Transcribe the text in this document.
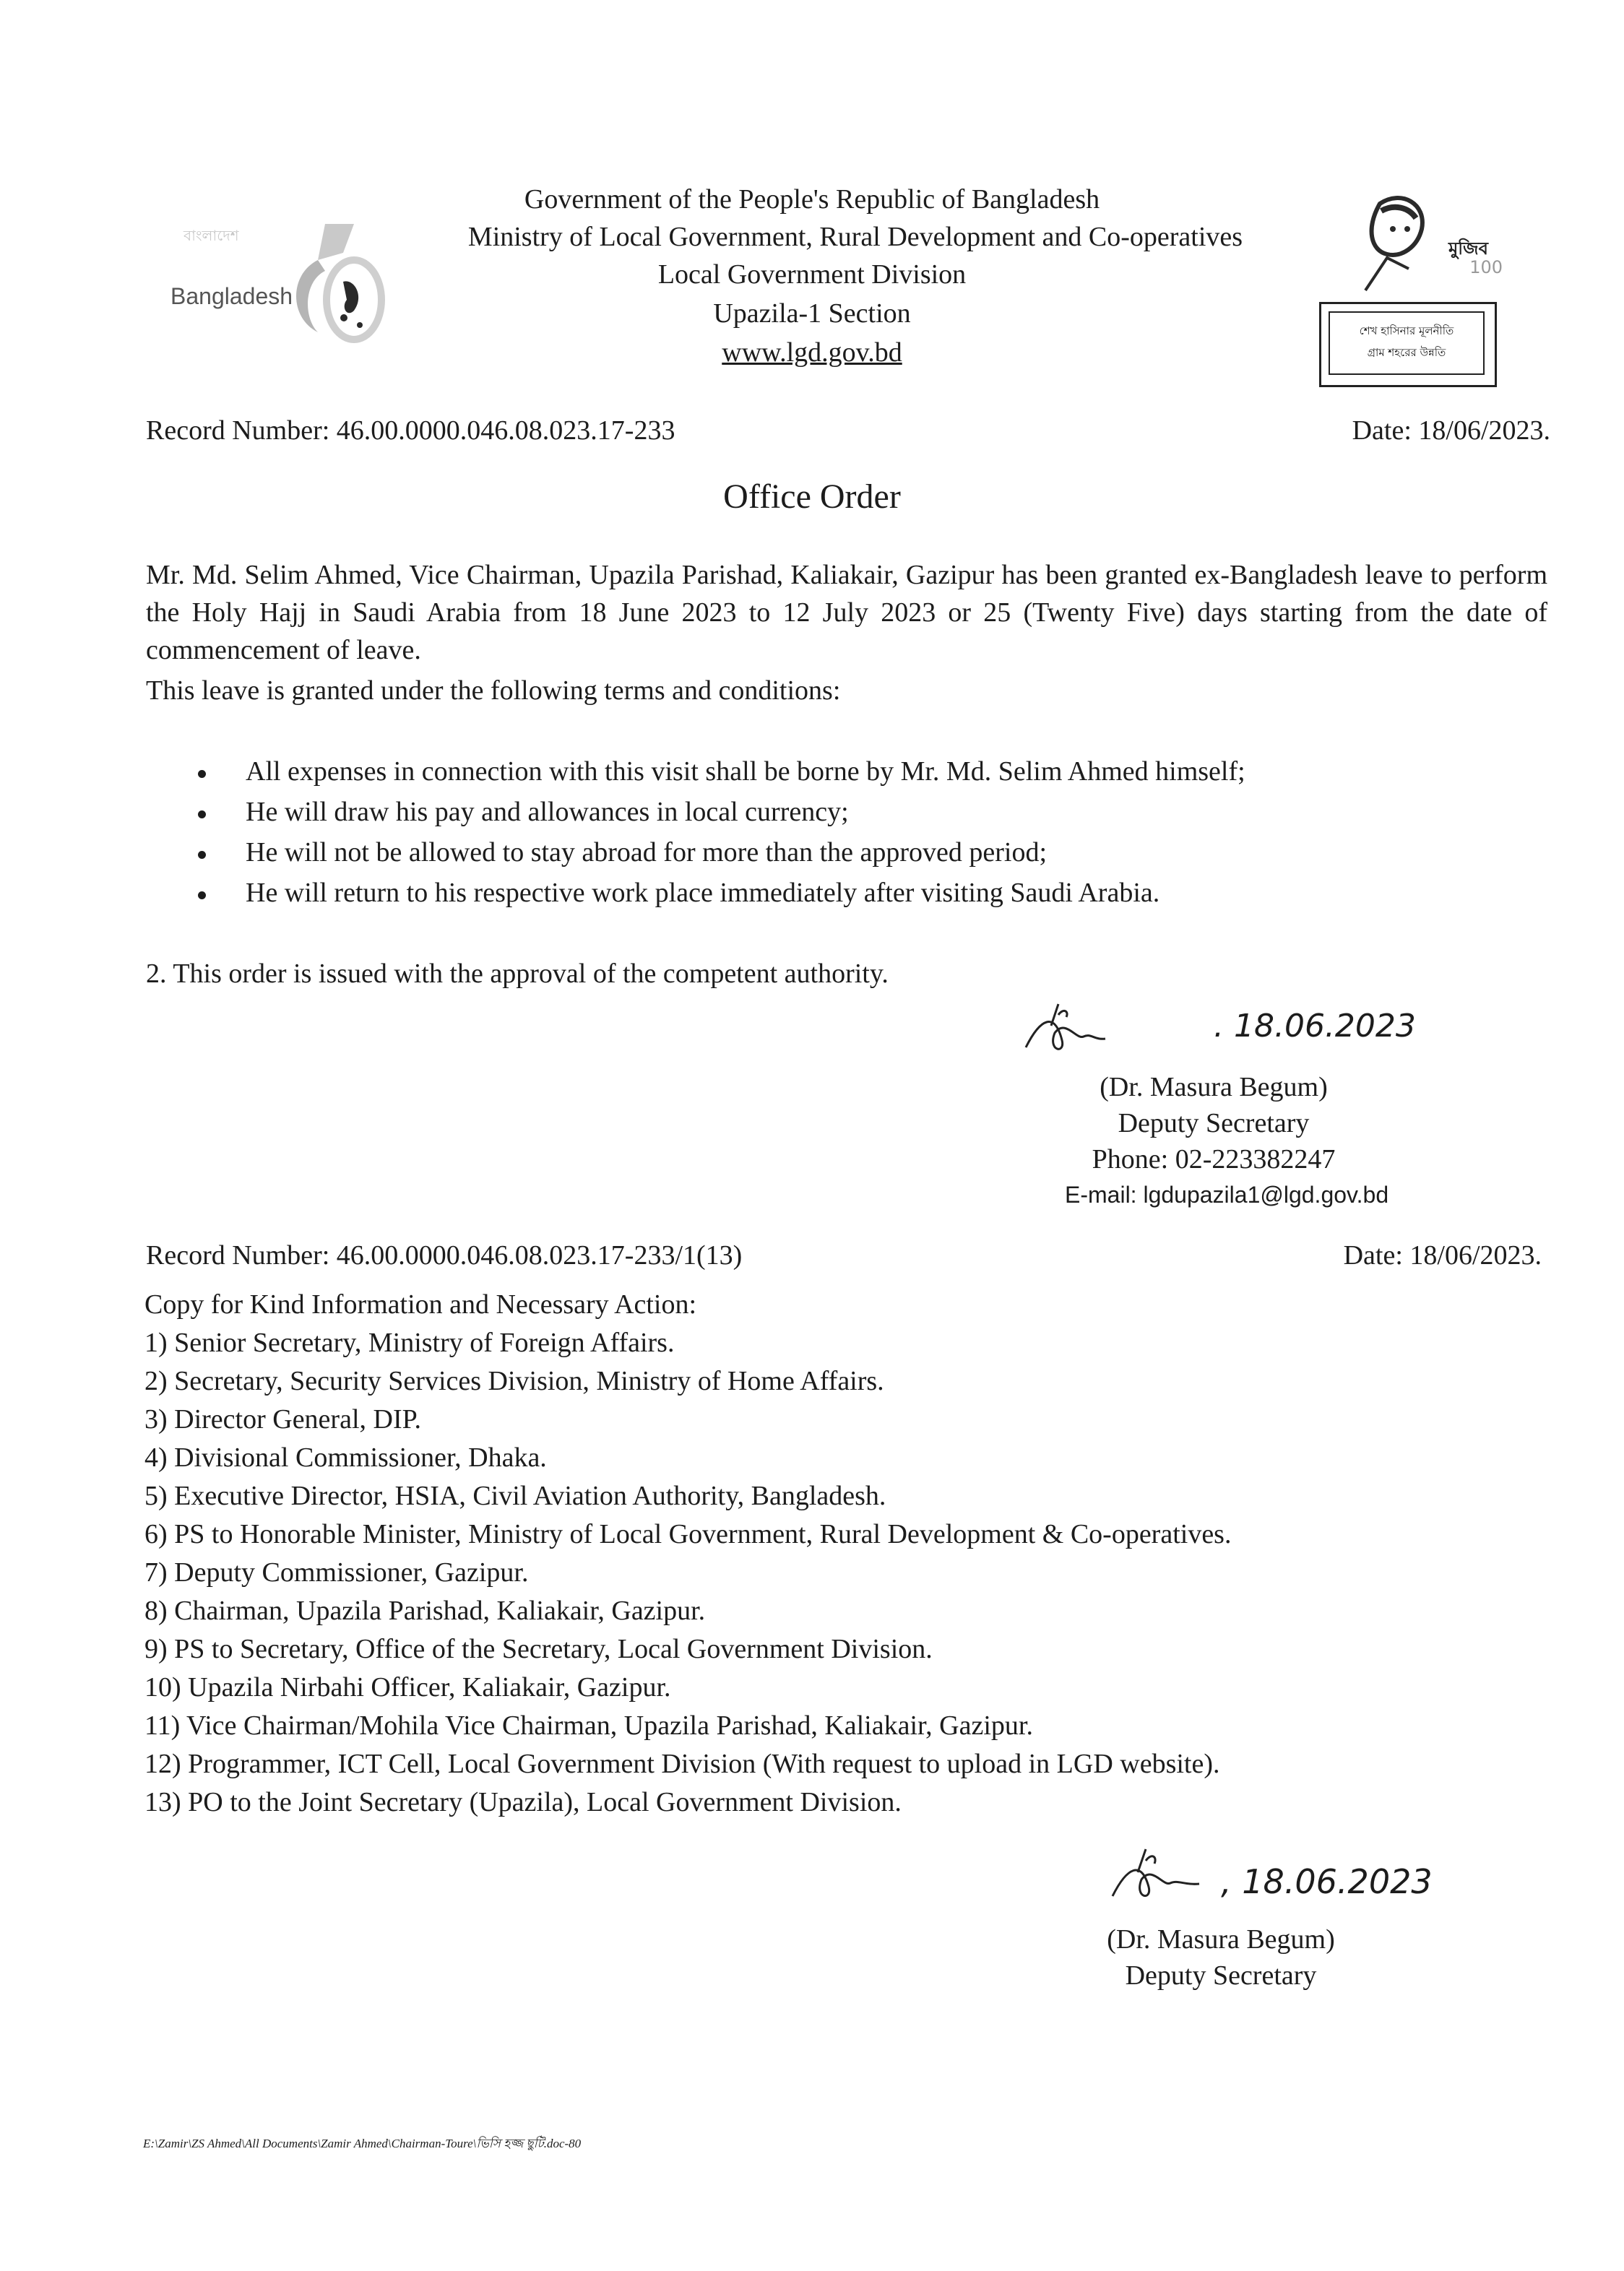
বাংলাদেশ
Bangladesh
মুজিব
100
শেখ হাসিনার মূলনীতি
গ্রাম শহরের উন্নতি
Government of the People's Republic of Bangladesh
Ministry of Local Government, Rural Development and Co-operatives
Local Government Division
Upazila-1 Section
www.lgd.gov.bd
Record Number: 46.00.0000.046.08.023.17-233	Date: 18/06/2023.
Office Order
Mr. Md. Selim Ahmed, Vice Chairman, Upazila Parishad, Kaliakair, Gazipur has been granted ex-Bangladesh leave to perform the Holy Hajj in Saudi Arabia from 18 June 2023 to 12 July 2023 or 25 (Twenty Five) days starting from the date of commencement of leave.
This leave is granted under the following terms and conditions:
All expenses in connection with this visit shall be borne by Mr. Md. Selim Ahmed himself;
He will draw his pay and allowances in local currency;
He will not be allowed to stay abroad for more than the approved period;
He will return to his respective work place immediately after visiting Saudi Arabia.
2. This order is issued with the approval of the competent authority.
. 18.06.2023
(Dr. Masura Begum)
Deputy Secretary
Phone: 02-223382247
E-mail: lgdupazila1@lgd.gov.bd
Record Number: 46.00.0000.046.08.023.17-233/1(13)	Date: 18/06/2023.
Copy for Kind Information and Necessary Action:
1) Senior Secretary, Ministry of Foreign Affairs.
2) Secretary, Security Services Division, Ministry of Home Affairs.
3) Director General, DIP.
4) Divisional Commissioner, Dhaka.
5) Executive Director, HSIA, Civil Aviation Authority, Bangladesh.
6) PS to Honorable Minister, Ministry of Local Government, Rural Development & Co-operatives.
7) Deputy Commissioner, Gazipur.
8) Chairman, Upazila Parishad, Kaliakair, Gazipur.
9) PS to Secretary, Office of the Secretary, Local Government Division.
10) Upazila Nirbahi Officer, Kaliakair, Gazipur.
11) Vice Chairman/Mohila Vice Chairman, Upazila Parishad, Kaliakair, Gazipur.
12) Programmer, ICT Cell, Local Government Division (With request to upload in LGD website).
13) PO to the Joint Secretary (Upazila), Local Government Division.
, 18.06.2023
(Dr. Masura Begum)
Deputy Secretary
E:\Zamir\ZS Ahmed\All Documents\Zamir Ahmed\Chairman-Toure\ভিসি হজ্জ ছুটি.doc-80
